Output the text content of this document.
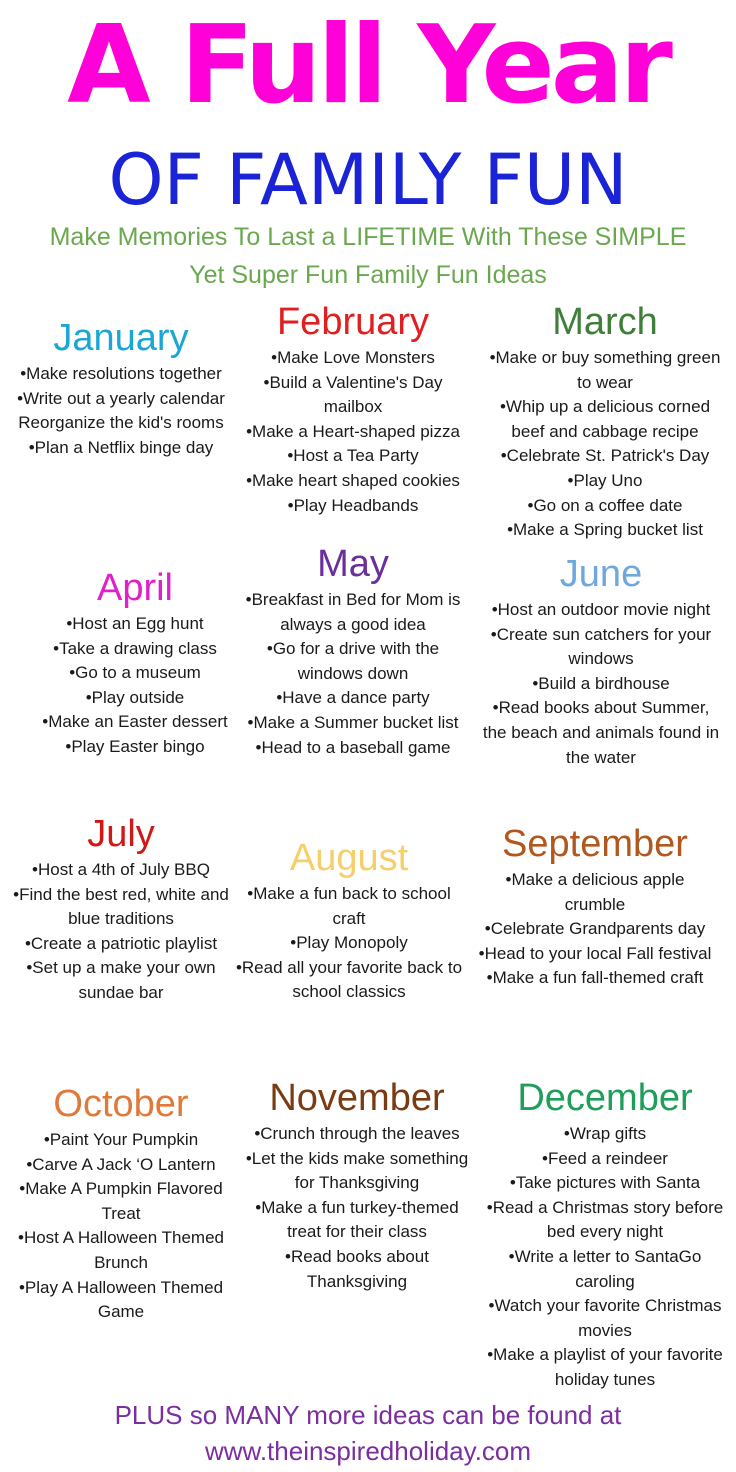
A Full Year
OF FAMILY FUN
Make Memories To Last a LIFETIME With These SIMPLE
Yet Super Fun Family Fun Ideas
January
•Make resolutions together
•Write out a yearly calendar Reorganize the kid's rooms
•Plan a Netflix binge day
February
•Make Love Monsters
•Build a Valentine's Day mailbox
•Make a Heart-shaped pizza
•Host a Tea Party
•Make heart shaped cookies
•Play Headbands
March
•Make or buy something green to wear
•Whip up a delicious corned beef and cabbage recipe
•Celebrate St. Patrick's Day
•Play Uno
•Go on a coffee date
•Make a Spring bucket list
April
•Host an Egg hunt
•Take a drawing class
•Go to a museum
•Play outside
•Make an Easter dessert
•Play Easter bingo
May
•Breakfast in Bed for Mom is always a good idea
•Go for a drive with the windows down
•Have a dance party
•Make a Summer bucket list
•Head to a baseball game
June
•Host an outdoor movie night
•Create sun catchers for your windows
•Build a birdhouse
•Read books about Summer, the beach and animals found in the water
July
•Host a 4th of July BBQ
•Find the best red, white and blue traditions
•Create a patriotic playlist
•Set up a make your own sundae bar
August
•Make a fun back to school craft
•Play Monopoly
•Read all your favorite back to school classics
September
•Make a delicious apple crumble
•Celebrate Grandparents day
•Head to your local Fall festival
•Make a fun fall-themed craft
October
•Paint Your Pumpkin
•Carve A Jack ‘O Lantern
•Make A Pumpkin Flavored Treat
•Host A Halloween Themed Brunch
•Play A Halloween Themed Game
November
•Crunch through the leaves
•Let the kids make something for Thanksgiving
•Make a fun turkey-themed treat for their class
•Read books about Thanksgiving
December
•Wrap gifts
•Feed a reindeer
•Take pictures with Santa
•Read a Christmas story before bed every night
•Write a letter to SantaGo caroling
•Watch your favorite Christmas movies
•Make a playlist of your favorite holiday tunes
PLUS so MANY more ideas can be found at
www.theinspiredholiday.com
